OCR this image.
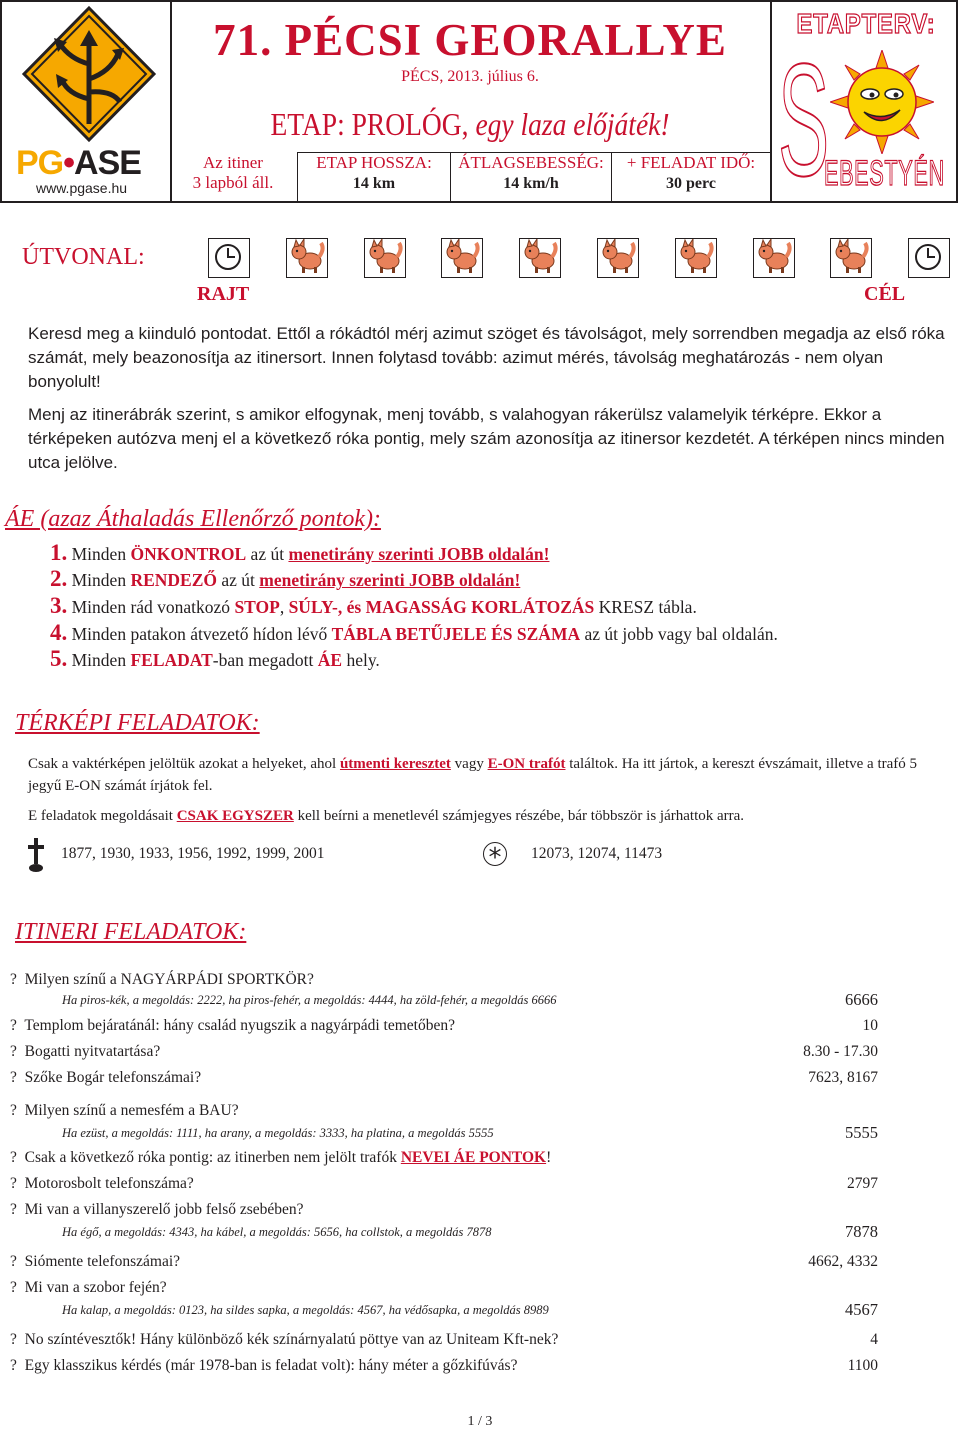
PG•ASE
www.pgase.hu
71. PÉCSI GEORALLYE
PÉCS, 2013. július 6.
ETAP: PROLÓG, egy laza előjáték!
Az itiner
3 lapból áll.
ETAP HOSSZA:
14 km
ÁTLAGSEBESSÉG:
14 km/h
+ FELADAT IDŐ:
30 perc
ETAPTERV:
S
EBESTYÉN
ÚTVONAL:
RAJT	CÉL
Keresd meg a kiinduló pontodat. Ettől a rókádtól mérj azimut szöget és távolságot, mely sorrendben megadja az első róka számát, mely beazonosítja az itinersort. Innen folytasd tovább: azimut mérés, távolság meghatározás - nem olyan bonyolult!
Menj az itinerábrák szerint, s amikor elfogynak, menj tovább, s valahogyan rákerülsz valamelyik térképre. Ekkor a térképeken autózva menj el a következő róka pontig, mely szám azonosítja az itinersor kezdetét. A térképen nincs minden utca jelölve.
ÁE (azaz Áthaladás Ellenőrző pontok):
1. Minden ÖNKONTROL az út menetirány szerinti JOBB oldalán!
2. Minden RENDEZŐ az út menetirány szerinti JOBB oldalán!
3. Minden rád vonatkozó STOP, SÚLY-, és MAGASSÁG KORLÁTOZÁS KRESZ tábla.
4. Minden patakon átvezető hídon lévő TÁBLA BETŰJELE ÉS SZÁMA az út jobb vagy bal oldalán.
5. Minden FELADAT-ban megadott ÁE hely.
TÉRKÉPI FELADATOK:
Csak a vaktérképen jelöltük azokat a helyeket, ahol útmenti keresztet vagy E-ON trafót találtok. Ha itt jártok, a kereszt évszámait, illetve a trafó 5 jegyű E-ON számát írjátok fel.
E feladatok megoldásait CSAK EGYSZER kell beírni a menetlevél számjegyes részébe, bár többször is járhattok arra.
1877, 1930, 1933, 1956, 1992, 1999, 2001	*	12073, 12074, 11473
ITINERI FELADATOK:
? Milyen színű a NAGYÁRPÁDI SPORTKÖR?
Ha piros-kék, a megoldás: 2222, ha piros-fehér, a megoldás: 4444, ha zöld-fehér, a megoldás 6666	6666
? Templom bejáratánál: hány család nyugszik a nagyárpádi temetőben?	10
? Bogatti nyitvatartása?	8.30 - 17.30
? Szőke Bogár telefonszámai?	7623, 8167
? Milyen színű a nemesfém a BAU?
Ha ezüst, a megoldás: 1111, ha arany, a megoldás: 3333, ha platina, a megoldás 5555	5555
? Csak a következő róka pontig: az itinerben nem jelölt trafók NEVEI ÁE PONTOK!
? Motorosbolt telefonszáma?	2797
? Mi van a villanyszerelő jobb felső zsebében?
Ha égő, a megoldás: 4343, ha kábel, a megoldás: 5656, ha collstok, a megoldás 7878	7878
? Siómente telefonszámai?	4662, 4332
? Mi van a szobor fején?
Ha kalap, a megoldás: 0123, ha sildes sapka, a megoldás: 4567, ha védősapka, a megoldás 8989	4567
? No színtévesztők! Hány különböző kék színárnyalatú pöttye van az Uniteam Kft-nek?	4
? Egy klasszikus kérdés (már 1978-ban is feladat volt): hány méter a gőzkifúvás?	1100
1 / 3
